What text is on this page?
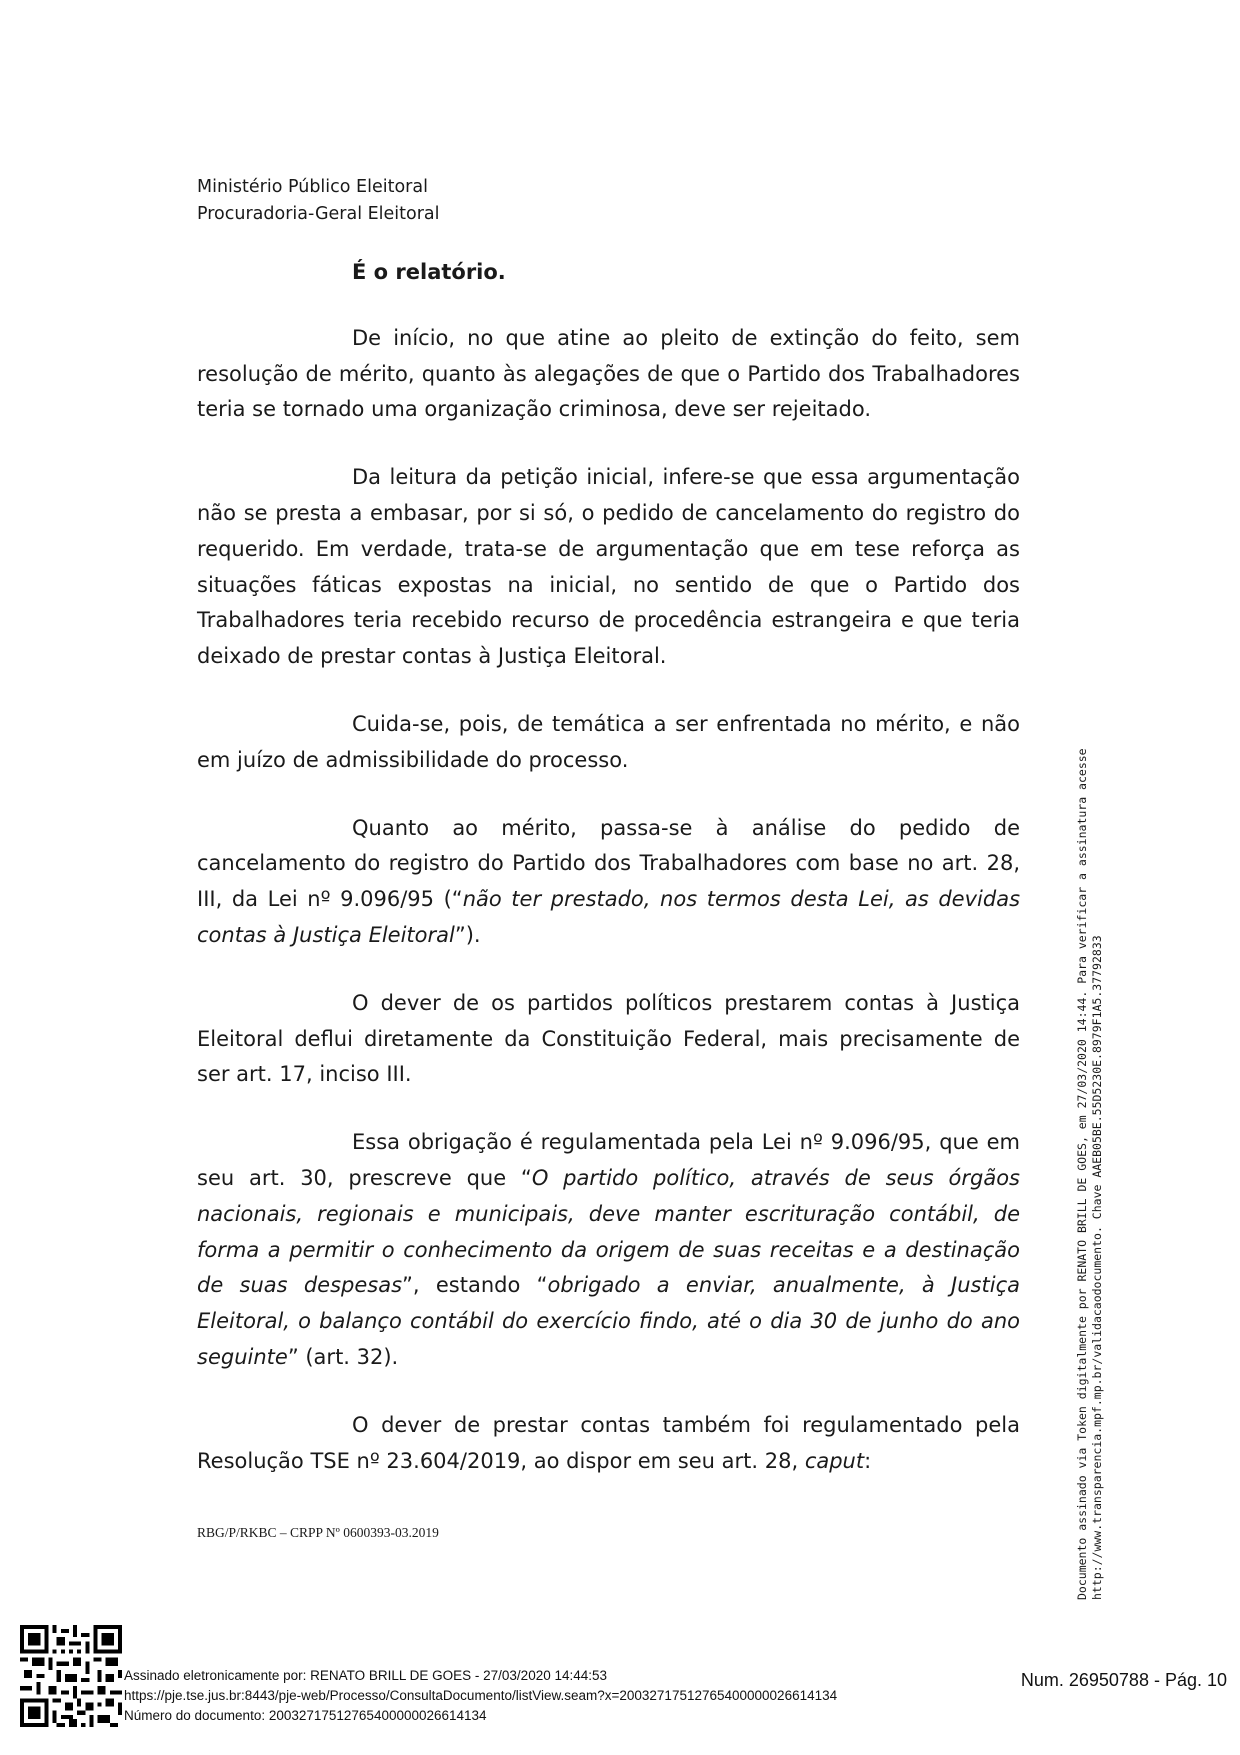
Ministério Público Eleitoral
Procuradoria-Geral Eleitoral

É o relatório.

De início, no que atine ao pleito de extinção do feito, sem resolução de mérito, quanto às alegações de que o Partido dos Trabalhadores teria se tornado uma organização criminosa, deve ser rejeitado.

Da leitura da petição inicial, infere-se que essa argumentação não se presta a embasar, por si só, o pedido de cancelamento do registro do requerido. Em verdade, trata-se de argumentação que em tese reforça as situações fáticas expostas na inicial, no sentido de que o Partido dos Trabalhadores teria recebido recurso de procedência estrangeira e que teria deixado de prestar contas à Justiça Eleitoral.

Cuida-se, pois, de temática a ser enfrentada no mérito, e não em juízo de admissibilidade do processo.

Quanto ao mérito, passa-se à análise do pedido de cancelamento do registro do Partido dos Trabalhadores com base no art. 28, III, da Lei nº 9.096/95 (“não ter prestado, nos termos desta Lei, as devidas contas à Justiça Eleitoral”).

O dever de os partidos políticos prestarem contas à Justiça Eleitoral deflui diretamente da Constituição Federal, mais precisamente de ser art. 17, inciso III.

Essa obrigação é regulamentada pela Lei nº 9.096/95, que em seu art. 30, prescreve que “O partido político, através de seus órgãos nacionais, regionais e municipais, deve manter escrituração contábil, de forma a permitir o conhecimento da origem de suas receitas e a destinação de suas despesas”, estando “obrigado a enviar, anualmente, à Justiça Eleitoral, o balanço contábil do exercício findo, até o dia 30 de junho do ano seguinte” (art. 32).

O dever de prestar contas também foi regulamentado pela Resolução TSE nº 23.604/2019, ao dispor em seu art. 28, caput:

RBG/P/RKBC – CRPP Nº 0600393-03.2019	Documento assinado via Token digitalmente por RENATO BRILL DE GOES, em 27/03/2020 14:44. Para verificar a assinatura acesse http://www.transparencia.mpf.mp.br/validacaodocumento. Chave AAEB05BE.55D5230E.8979F1A5.37792833
Assinado eletronicamente por: RENATO BRILL DE GOES - 27/03/2020 14:44:53
https://pje.tse.jus.br:8443/pje-web/Processo/ConsultaDocumento/listView.seam?x=20032717512765400000026614134
Número do documento: 20032717512765400000026614134
Num. 26950788 - Pág. 10
